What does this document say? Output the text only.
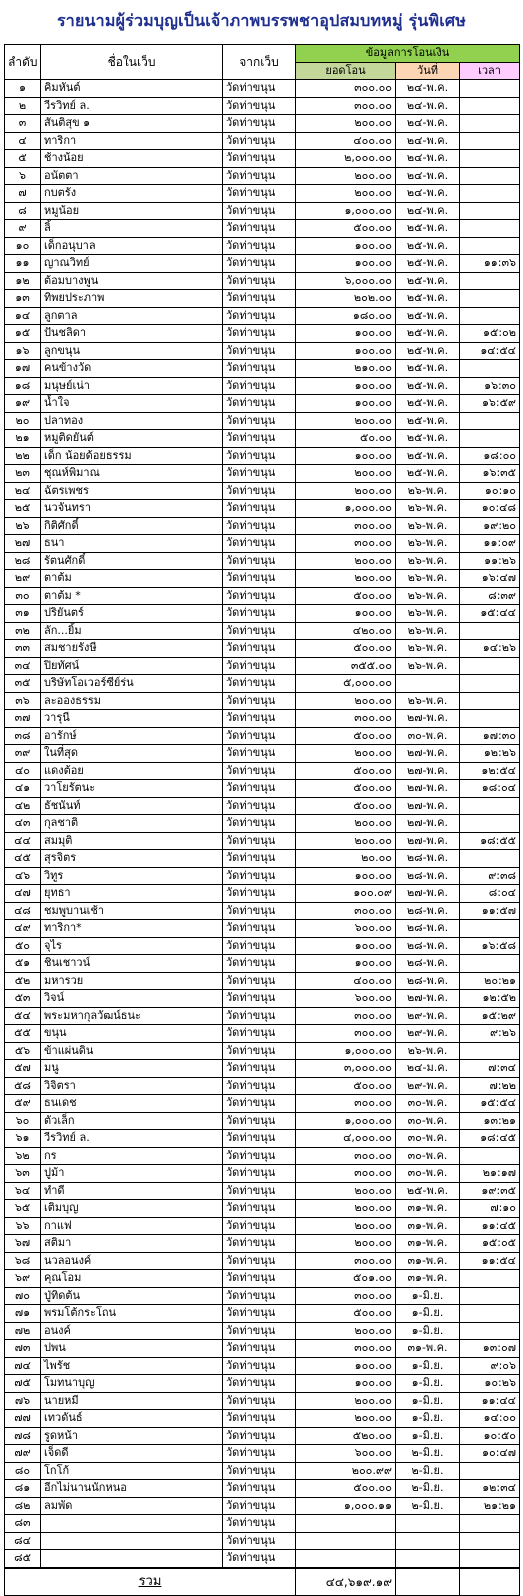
รายนามผู้ร่วมบุญเป็นเจ้าภาพบรรพชาอุปสมบทหมู่ รุ่นพิเศษ
ลำดับ	ชื่อในเว็บ	จากเว็บ	ข้อมูลการโอนเงิน		
			ยอดโอน	วันที่	เวลา
๑	คิมหันต์	วัดท่าขนุน	๓๐๐.๐๐	๒๔-พ.ค.	
๒	วีรวิทย์ ล.	วัดท่าขนุน	๓๐๐.๐๐	๒๔-พ.ค.	
๓	สันติสุข ๑	วัดท่าขนุน	๒๐๐.๐๐	๒๔-พ.ค.	
๔	ทาริกา	วัดท่าขนุน	๔๐๐.๐๐	๒๔-พ.ค.	
๕	ช้างน้อย	วัดท่าขนุน	๒,๐๐๐.๐๐	๒๔-พ.ค.	
๖	อนัตตา	วัดท่าขนุน	๒๐๐.๐๐	๒๔-พ.ค.	
๗	กบตรัง	วัดท่าขนุน	๒๐๐.๐๐	๒๔-พ.ค.	
๘	หมูน้อย	วัดท่าขนุน	๑,๐๐๐.๐๐	๒๔-พ.ค.	
๙	ลิ้	วัดท่าขนุน	๕๐๐.๐๐	๒๕-พ.ค.	
๑๐	เด็กอนุบาล	วัดท่าขนุน	๑๐๐.๐๐	๒๕-พ.ค.	
๑๑	ญาณวิทย์	วัดท่าขนุน	๑๐๐.๐๐	๒๕-พ.ค.	๑๑:๓๖
๑๒	ต้อมบางพูน	วัดท่าขนุน	๖,๐๐๐.๐๐	๒๕-พ.ค.	
๑๓	ทิพยประภาพ	วัดท่าขนุน	๒๐๒.๐๐	๒๕-พ.ค.	
๑๔	ลูกตาล	วัดท่าขนุน	๑๘๐.๐๐	๒๕-พ.ค.	
๑๕	ปันชลิดา	วัดท่าขนุน	๑๐๐.๐๐	๒๕-พ.ค.	๑๕:๐๒
๑๖	ลูกขนุน	วัดท่าขนุน	๑๐๐.๐๐	๒๕-พ.ค.	๑๔:๕๔
๑๗	คนข้างวัด	วัดท่าขนุน	๒๑๐.๐๐	๒๕-พ.ค.	
๑๘	มนุษย์เน่า	วัดท่าขนุน	๑๐๐.๐๐	๒๕-พ.ค.	๑๖:๓๐
๑๙	น้ำใจ	วัดท่าขนุน	๑๐๐.๐๐	๒๕-พ.ค.	๑๖:๕๙
๒๐	ปลาทอง	วัดท่าขนุน	๒๐๐.๐๐	๒๕-พ.ค.	
๒๑	หมูติดยันต์	วัดท่าขนุน	๕๐.๐๐	๒๕-พ.ค.	
๒๒	เด็ก น้อยด้อยธรรม	วัดท่าขนุน	๑๐๐.๐๐	๒๕-พ.ค.	๑๘:๐๐
๒๓	ชุณห์พิมาณ	วัดท่าขนุน	๒๐๐.๐๐	๒๕-พ.ค.	๑๖:๓๕
๒๔	ฉัตรเพชร	วัดท่าขนุน	๒๐๐.๐๐	๒๖-พ.ค.	๑๐:๑๐
๒๕	นวจันทรา	วัดท่าขนุน	๑,๐๐๐.๐๐	๒๖-พ.ค.	๑๐:๔๘
๒๖	กิติศักดิ์	วัดท่าขนุน	๓๐๐.๐๐	๒๖-พ.ค.	๑๙:๒๐
๒๗	ธนา	วัดท่าขนุน	๓๐๐.๐๐	๒๖-พ.ค.	๑๑:๐๙
๒๘	รัตนศักดิ์	วัดท่าขนุน	๒๐๐.๐๐	๒๖-พ.ค.	๑๑:๒๖
๒๙	ตาต้ม	วัดท่าขนุน	๒๐๐.๐๐	๒๖-พ.ค.	๑๖:๔๗
๓๐	ตาต้ม *	วัดท่าขนุน	๕๐๐.๐๐	๒๖-พ.ค.	๘:๓๙
๓๑	ปริยันตร์	วัดท่าขนุน	๑๐๐.๐๐	๒๖-พ.ค.	๑๕:๔๔
๓๒	ลัก...ยิ้ม	วัดท่าขนุน	๔๒๐.๐๐	๒๖-พ.ค.	
๓๓	สมชายรังษี	วัดท่าขนุน	๕๐๐.๐๐	๒๖-พ.ค.	๑๔:๒๖
๓๔	ปิยทัศน์	วัดท่าขนุน	๓๕๕.๐๐	๒๖-พ.ค.	
๓๕	บริษัทโอเวอร์ซีย์ร่น	วัดท่าขนุน	๕,๐๐๐.๐๐		
๓๖	ละอองธรรม	วัดท่าขนุน	๒๐๐.๐๐	๒๖-พ.ค.	
๓๗	วารุนี	วัดท่าขนุน	๓๐๐.๐๐	๒๗-พ.ค.	
๓๘	อารักษ์	วัดท่าขนุน	๕๐๐.๐๐	๓๐-พ.ค.	๑๗:๓๐
๓๙	ในที่สุด	วัดท่าขนุน	๒๐๐.๐๐	๒๗-พ.ค.	๑๒:๒๖
๔๐	แดงต้อย	วัดท่าขนุน	๕๐๐.๐๐	๒๗-พ.ค.	๑๒:๕๔
๔๑	วาโยรัตนะ	วัดท่าขนุน	๕๐๐.๐๐	๒๗-พ.ค.	๑๘:๐๔
๔๒	ธัชนันท์	วัดท่าขนุน	๕๐๐.๐๐	๒๗-พ.ค.	
๔๓	กุลชาติ	วัดท่าขนุน	๒๐๐.๐๐	๒๗-พ.ค.	
๔๔	สมมุติ	วัดท่าขนุน	๒๐๐.๐๐	๒๗-พ.ค.	๑๘:๕๕
๔๕	สุรจิตร	วัดท่าขนุน	๒๐.๐๐	๒๘-พ.ค.	
๔๖	วิทูร	วัดท่าขนุน	๑๐๐.๐๐	๒๘-พ.ค.	๙:๓๘
๔๗	ยุทธา	วัดท่าขนุน	๑๐๐.๐๙	๒๗-พ.ค.	๘:๐๔
๔๘	ชมพูบานเช้า	วัดท่าขนุน	๓๐๐.๐๐	๒๘-พ.ค.	๑๑:๕๗
๔๙	ทาริกา*	วัดท่าขนุน	๖๐๐.๐๐	๒๘-พ.ค.	
๕๐	จุไร	วัดท่าขนุน	๑๐๐.๐๐	๒๘-พ.ค.	๑๖:๕๘
๕๑	ชินเชาวน์	วัดท่าขนุน	๑๐๐.๐๐	๒๘-พ.ค.	
๕๒	มหารวย	วัดท่าขนุน	๔๐๐.๐๐	๒๘-พ.ค.	๒๐:๒๑
๕๓	วิจน์	วัดท่าขนุน	๖๐๐.๐๐	๒๗-พ.ค.	๑๒:๕๒
๕๔	พระมหากุลวัฒน์ธนะ	วัดท่าขนุน	๓๐๐.๐๐	๒๙-พ.ค.	๑๕:๒๙
๕๕	ขนุน	วัดท่าขนุน	๓๐๐.๐๐	๒๙-พ.ค.	๙:๒๖
๕๖	ข้าแผ่นดิน	วัดท่าขนุน	๑,๐๐๐.๐๐	๒๖-พ.ค.	
๕๗	มนู	วัดท่าขนุน	๓,๐๐๐.๐๐	๒๔-ม.ค.	๗:๓๔
๕๘	วิจิตรา	วัดท่าขนุน	๕๐๐.๐๐	๒๙-พ.ค.	๗:๒๒
๕๙	ธนเดช	วัดท่าขนุน	๓๐๐.๐๐	๓๐-พ.ค.	๑๕:๕๔
๖๐	ตัวเล็ก	วัดท่าขนุน	๑,๐๐๐.๐๐	๓๐-พ.ค.	๑๓:๒๑
๖๑	วีรวิทย์ ล.	วัดท่าขนุน	๔,๐๐๐.๐๐	๓๐-พ.ค.	๑๘:๔๕
๖๒	กร	วัดท่าขนุน	๓๐๐.๐๐	๓๐-พ.ค.	
๖๓	ปูม้า	วัดท่าขนุน	๓๐๐.๐๐	๓๐-พ.ค.	๒๑:๑๗
๖๔	ทำดี	วัดท่าขนุน	๒๐๐.๐๐	๒๕-พ.ค.	๑๙:๓๕
๖๕	เติมบุญ	วัดท่าขนุน	๒๐๐.๐๐	๓๑-พ.ค.	๗:๑๐
๖๖	กาแฟ	วัดท่าขนุน	๒๐๐.๐๐	๓๑-พ.ค.	๑๑:๔๕
๖๗	สติมา	วัดท่าขนุน	๒๐๐.๐๐	๓๑-พ.ค.	๑๕:๐๕
๖๘	นวลอนงค์	วัดท่าขนุน	๓๐๐.๐๐	๓๑-พ.ค.	๑๑:๕๔
๖๙	คุณโอม	วัดท่าขนุน	๕๐๑.๐๐	๓๑-พ.ค.	
๗๐	ปู่ทิดต้น	วัดท่าขนุน	๓๐๐.๐๐	๑-มิ.ย.	
๗๑	พรมโต้กระโถน	วัดท่าขนุน	๕๐๐.๐๐	๑-มิ.ย.	
๗๒	อนงค์	วัดท่าขนุน	๒๐๐.๐๐	๑-มิ.ย.	
๗๓	ปพน	วัดท่าขนุน	๓๐๐.๐๐	๓๑-พ.ค.	๑๓:๐๗
๗๔	ไพรัช	วัดท่าขนุน	๑๐๐.๐๐	๑-มิ.ย.	๙:๐๖
๗๕	โมทนาบุญ	วัดท่าขนุน	๑๐๐.๐๐	๑-มิ.ย.	๑๐:๒๖
๗๖	นายหมี	วัดท่าขนุน	๒๐๐.๐๐	๑-มิ.ย.	๑๑:๔๔
๗๗	เทวดันธ์	วัดท่าขนุน	๒๐๐.๐๐	๑-มิ.ย.	๑๔:๐๐
๗๘	รูดหน้า	วัดท่าขนุน	๕๒๐.๐๐	๑-มิ.ย.	๑๐:๕๐
๗๙	เจ็ดดี	วัดท่าขนุน	๖๐๐.๐๐	๒-มิ.ย.	๑๐:๔๗
๘๐	โกโก้	วัดท่าขนุน	๒๐๐.๙๙	๒-มิ.ย.	
๘๑	อีกไม่นานนักหนอ	วัดท่าขนุน	๕๐๐.๐๐	๒-มิ.ย.	๑๒:๓๔
๘๒	ลมพัด	วัดท่าขนุน	๑,๐๐๐.๑๑	๒-มิ.ย.	๒๑:๒๑
๘๓		วัดท่าขนุน			
๘๔		วัดท่าขนุน			
๘๕		วัดท่าขนุน			
รวม			๔๔,๖๑๙.๑๙		
